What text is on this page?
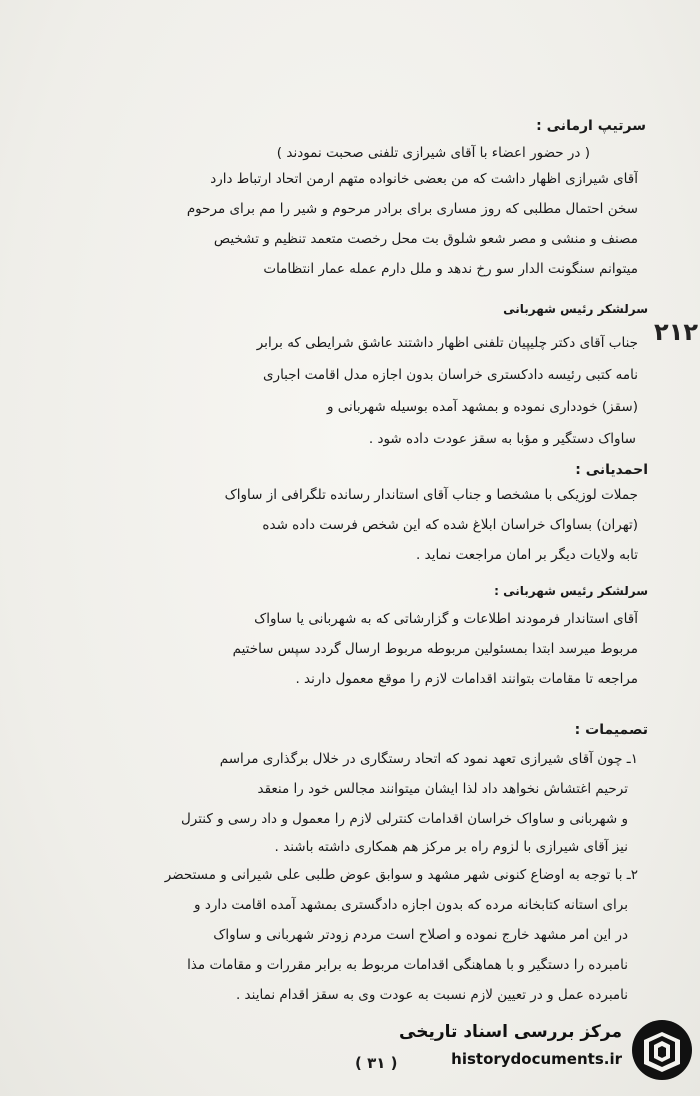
سرتیپ ارمانی :
( در حضور اعضاء با آقای شیرازی تلفنی صحبت نمودند )
آقای شیرازی اظهار داشت که من بعضی خانواده متهم ارمن اتحاد ارتباط دارد
سخن احتمال مطلبی که روز مساری برای برادر مرحوم و شیر را مم برای مرحوم
مصنف و منشی و مصر شعو شلوق بت محل رخصت متعمد تنظیم و تشخیص
میتوانم سنگونت الدار سو رخ ندهد و ملل دارم عمله عمار انتظامات
سرلشکر رئیس شهربانی
جناب آقای دکتر چلیپیان تلفنی اظهار داشتند عاشق شرایطی که برابر
نامه کتبی رئیسه دادکستری خراسان بدون اجازه مدل اقامت اجباری
(سقز) خودداری نموده و بمشهد آمده بوسیله شهربانی و
ساواک دستگیر و مؤبا به سقز عودت داده شود .
احمدیانی :
جملات لوزیکی با مشخصا و جناب آقای استاندار رسانده تلگرافی از ساواک
(تهران) بساواک خراسان ابلاغ شده که این شخص فرست داده شده
تابه ولایات دیگر بر امان مراجعت نماید .
سرلشکر رئیس شهربانی :
آقای استاندار فرمودند اطلاعات و گزارشاتی که به شهربانی یا ساواک
مربوط میرسد ابتدا بمسئولین مربوطه مربوط ارسال گردد سپس ساختیم
مراجعه تا مقامات بتوانند اقدامات لازم را موقع معمول دارند .
تصمیمات :
۱ـ چون آقای شیرازی تعهد نمود که اتحاد رستگاری در خلال برگذاری مراسم
ترحیم اغتشاش نخواهد داد لذا ایشان میتوانند مجالس خود را منعقد
و شهربانی و ساواک خراسان اقدامات کنترلی لازم را معمول و داد رسی و کنترل
نیز آقای شیرازی با لزوم راه بر مرکز هم همکاری داشته باشند .
۲ـ با توجه به اوضاع کنونی شهر مشهد و سوابق عوض طلبی علی شیرانی و مستحضر
برای استانه کتابخانه مرده که بدون اجازه دادگستری بمشهد آمده اقامت دارد و
در این امر مشهد خارج نموده و اصلاح است مردم زودتر شهربانی و ساواک
نامبرده را دستگیر و با هماهنگی اقدامات مربوط به برابر مقررات و مقامات مذا
نامبرده عمل و در تعیین لازم نسبت به عودت وی به سقز اقدام نمایند .
۲۱۲
( ۳۱ )
مرکز بررسی اسناد تاریخی
historydocuments.ir
